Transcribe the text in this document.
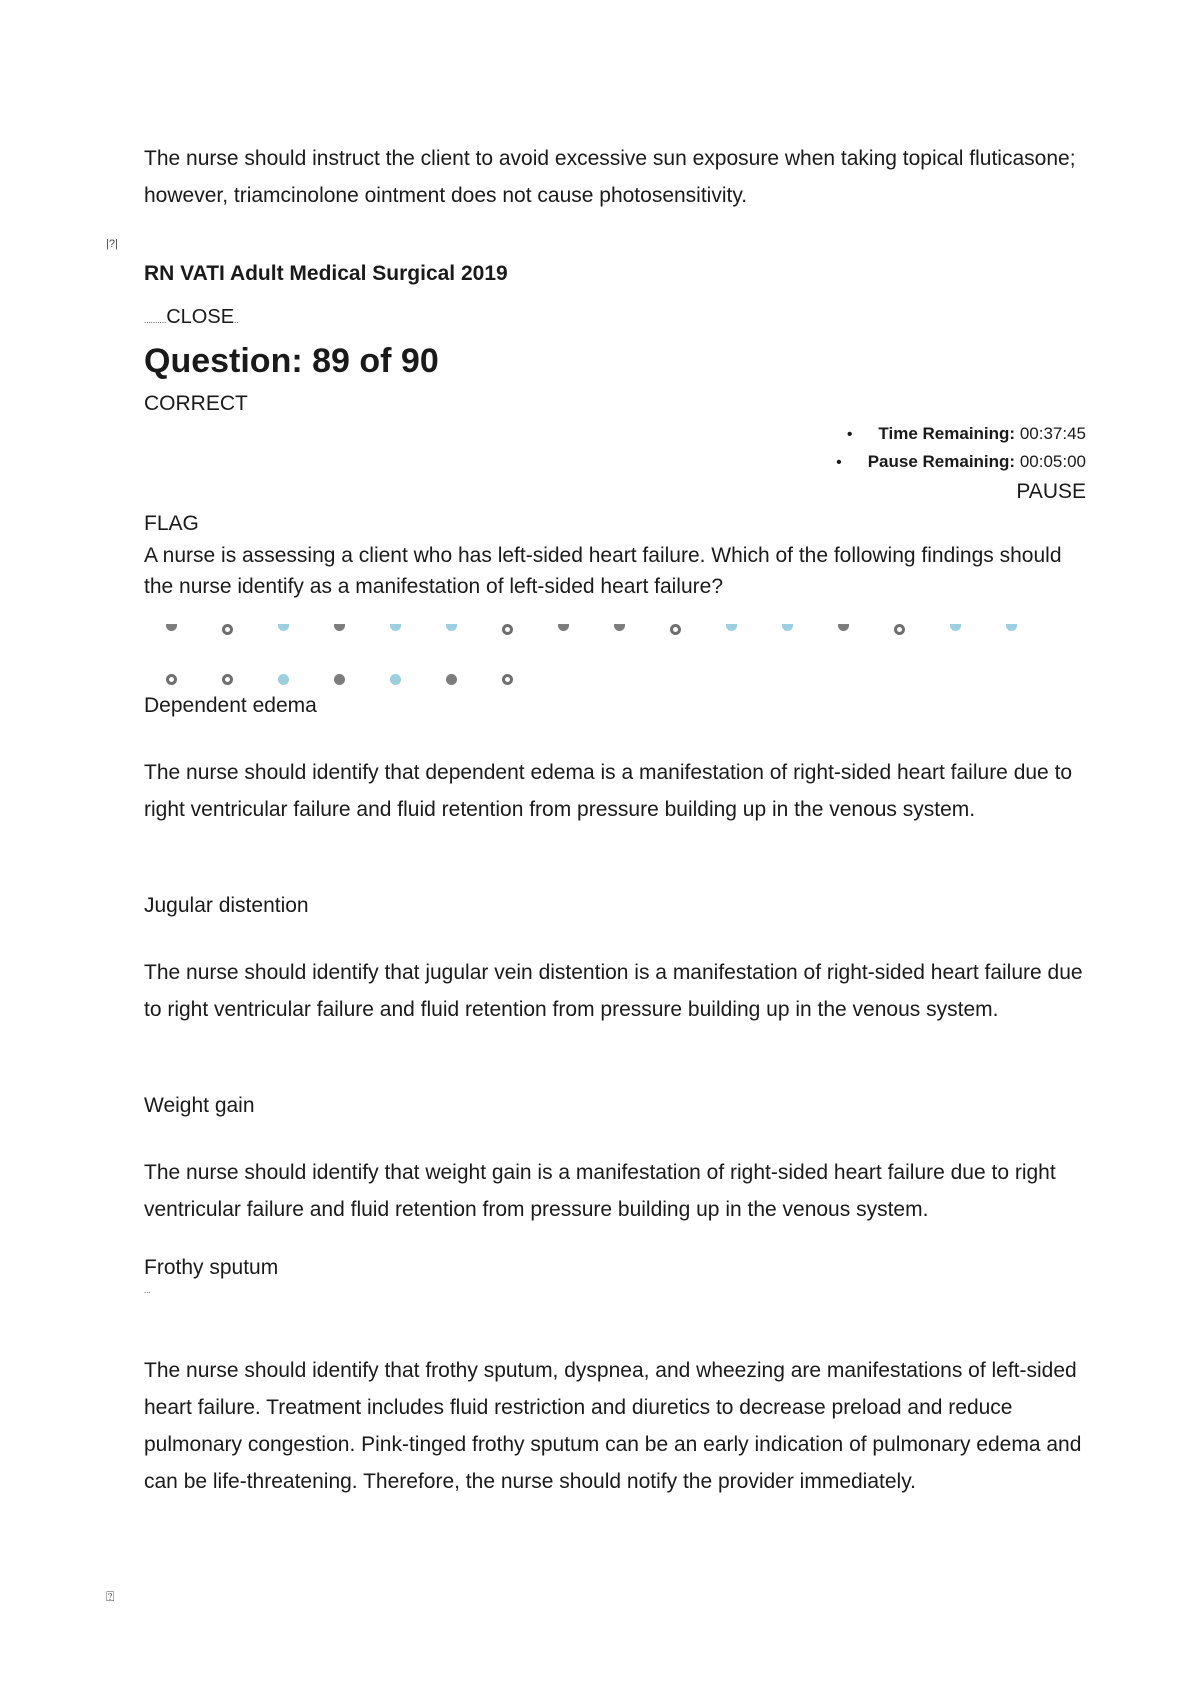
The nurse should instruct the client to avoid excessive sun exposure when taking topical fluticasone; however, triamcinolone ointment does not cause photosensitivity.
|?|
RN VATI Adult Medical Surgical 2019
..........CLOSE..
Question: 89 of 90
CORRECT
• Time Remaining: 00:37:45
• Pause Remaining: 00:05:00
PAUSE
FLAG
A nurse is assessing a client who has left-sided heart failure. Which of the following findings should the nurse identify as a manifestation of left-sided heart failure?
Dependent edema
The nurse should identify that dependent edema is a manifestation of right-sided heart failure due to right ventricular failure and fluid retention from pressure building up in the venous system.
Jugular distention
The nurse should identify that jugular vein distention is a manifestation of right-sided heart failure due to right ventricular failure and fluid retention from pressure building up in the venous system.
Weight gain
The nurse should identify that weight gain is a manifestation of right-sided heart failure due to right ventricular failure and fluid retention from pressure building up in the venous system.
Frothy sputum
...
The nurse should identify that frothy sputum, dyspnea, and wheezing are manifestations of left-sided heart failure. Treatment includes fluid restriction and diuretics to decrease preload and reduce pulmonary congestion. Pink-tinged frothy sputum can be an early indication of pulmonary edema and can be life-threatening. Therefore, the nurse should notify the provider immediately.
⍰
